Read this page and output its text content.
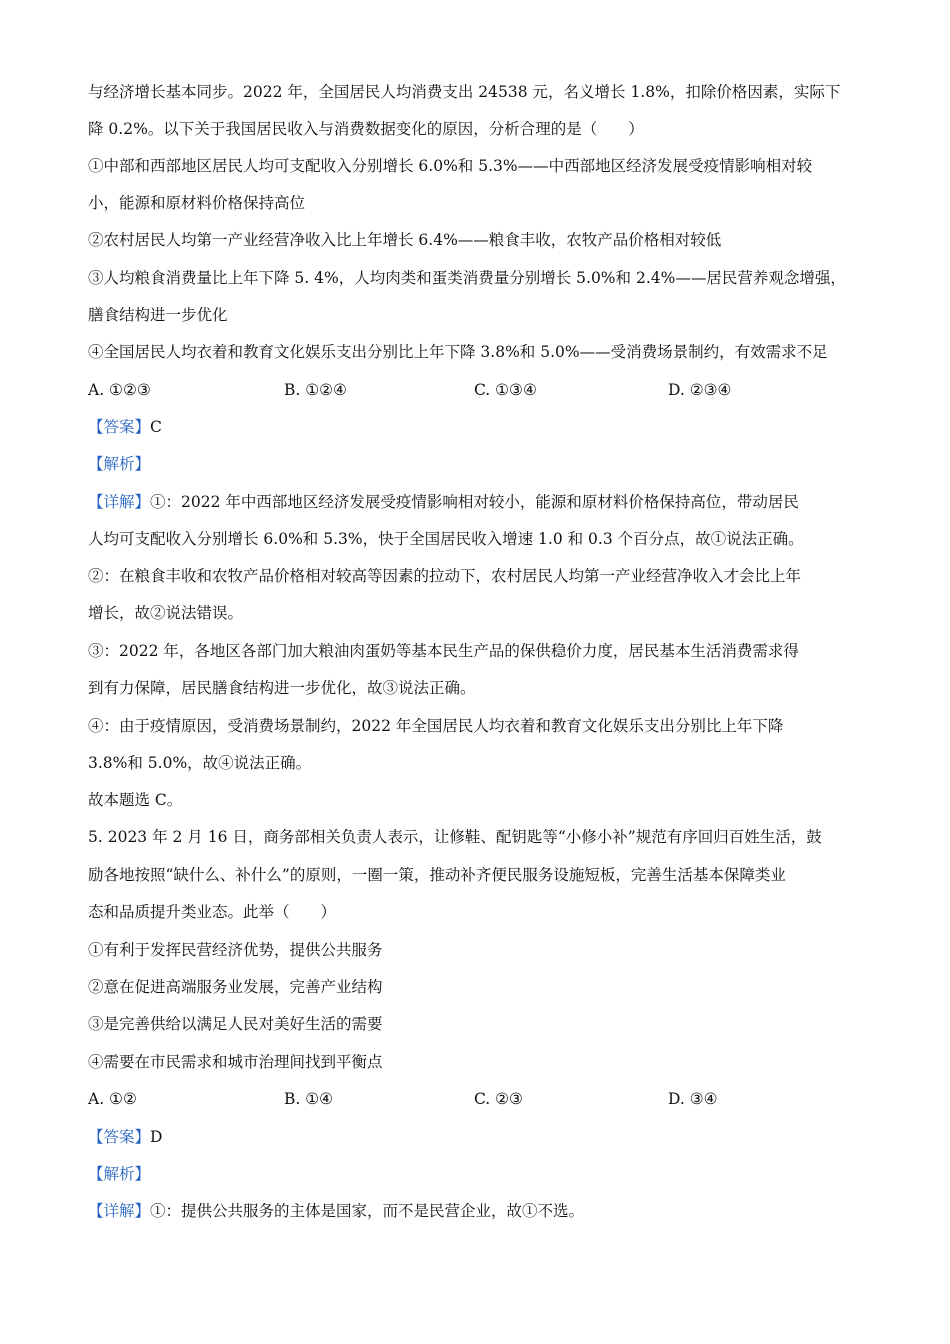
与经济增长基本同步。2022 年，全国居民人均消费支出 24538 元，名义增长 1.8%，扣除价格因素，实际下
降 0.2%。以下关于我国居民收入与消费数据变化的原因，分析合理的是（　　）
①中部和西部地区居民人均可支配收入分别增长 6.0%和 5.3%——中西部地区经济发展受疫情影响相对较
小，能源和原材料价格保持高位
②农村居民人均第一产业经营净收入比上年增长 6.4%——粮食丰收，农牧产品价格相对较低
③人均粮食消费量比上年下降 5. 4%，人均肉类和蛋类消费量分别增长 5.0%和 2.4%——居民营养观念增强，
膳食结构进一步优化
④全国居民人均衣着和教育文化娱乐支出分别比上年下降 3.8%和 5.0%——受消费场景制约，有效需求不足
A. ①②③	B. ①②④	C. ①③④	D. ②③④
【答案】C
【解析】
【详解】①：2022 年中西部地区经济发展受疫情影响相对较小，能源和原材料价格保持高位，带动居民
人均可支配收入分别增长 6.0%和 5.3%，快于全国居民收入增速 1.0 和 0.3 个百分点，故①说法正确。
②：在粮食丰收和农牧产品价格相对较高等因素的拉动下，农村居民人均第一产业经营净收入才会比上年
增长，故②说法错误。
③：2022 年，各地区各部门加大粮油肉蛋奶等基本民生产品的保供稳价力度，居民基本生活消费需求得
到有力保障，居民膳食结构进一步优化，故③说法正确。
④：由于疫情原因，受消费场景制约，2022 年全国居民人均衣着和教育文化娱乐支出分别比上年下降
3.8%和 5.0%，故④说法正确。
故本题选 C。
5. 2023 年 2 月 16 日，商务部相关负责人表示，让修鞋、配钥匙等“小修小补”规范有序回归百姓生活，鼓
励各地按照“缺什么、补什么”的原则，一圈一策，推动补齐便民服务设施短板，完善生活基本保障类业
态和品质提升类业态。此举（　　）
①有利于发挥民营经济优势，提供公共服务
②意在促进高端服务业发展，完善产业结构
③是完善供给以满足人民对美好生活的需要
④需要在市民需求和城市治理间找到平衡点
A. ①②	B. ①④	C. ②③	D. ③④
【答案】D
【解析】
【详解】①：提供公共服务的主体是国家，而不是民营企业，故①不选。
